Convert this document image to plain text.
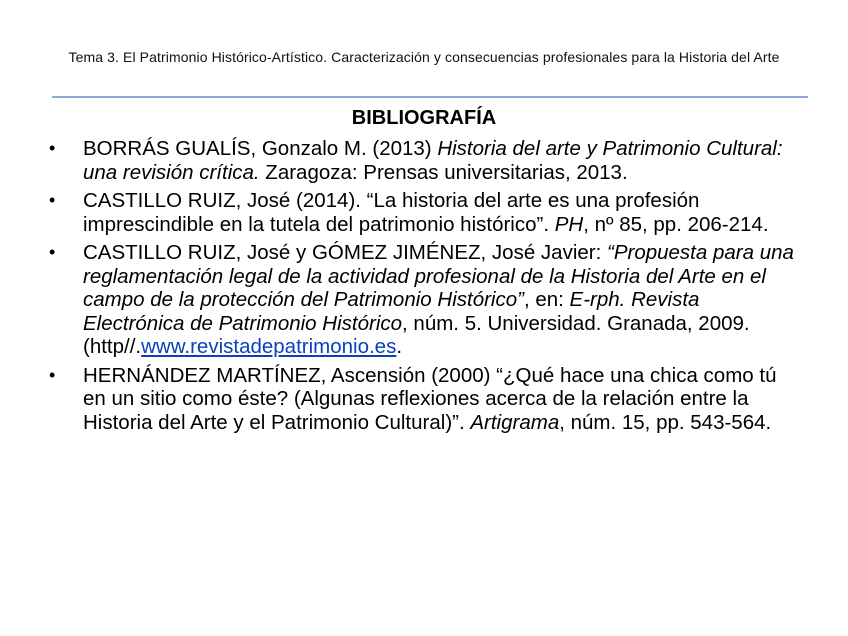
Tema 3. El Patrimonio Histórico-Artístico. Caracterización y consecuencias profesionales para la Historia del Arte
BIBLIOGRAFÍA
• BORRÁS GUALÍS, Gonzalo M. (2013) Historia del arte y Patrimonio Cultural: una revisión crítica. Zaragoza: Prensas universitarias, 2013.
• CASTILLO RUIZ, José (2014). “La historia del arte es una profesión imprescindible en la tutela del patrimonio histórico”. PH, nº 85, pp. 206-214.
• CASTILLO RUIZ, José y GÓMEZ JIMÉNEZ, José Javier: “Propuesta para una reglamentación legal de la actividad profesional de la Historia del Arte en el campo de la protección del Patrimonio Histórico”, en: E-rph. Revista Electrónica de Patrimonio Histórico, núm. 5. Universidad. Granada, 2009. (http//.www.revistadepatrimonio.es.
• HERNÁNDEZ MARTÍNEZ, Ascensión (2000) “¿Qué hace una chica como tú en un sitio como éste? (Algunas reflexiones acerca de la relación entre la Historia del Arte y el Patrimonio Cultural)”. Artigrama, núm. 15, pp. 543-564.
